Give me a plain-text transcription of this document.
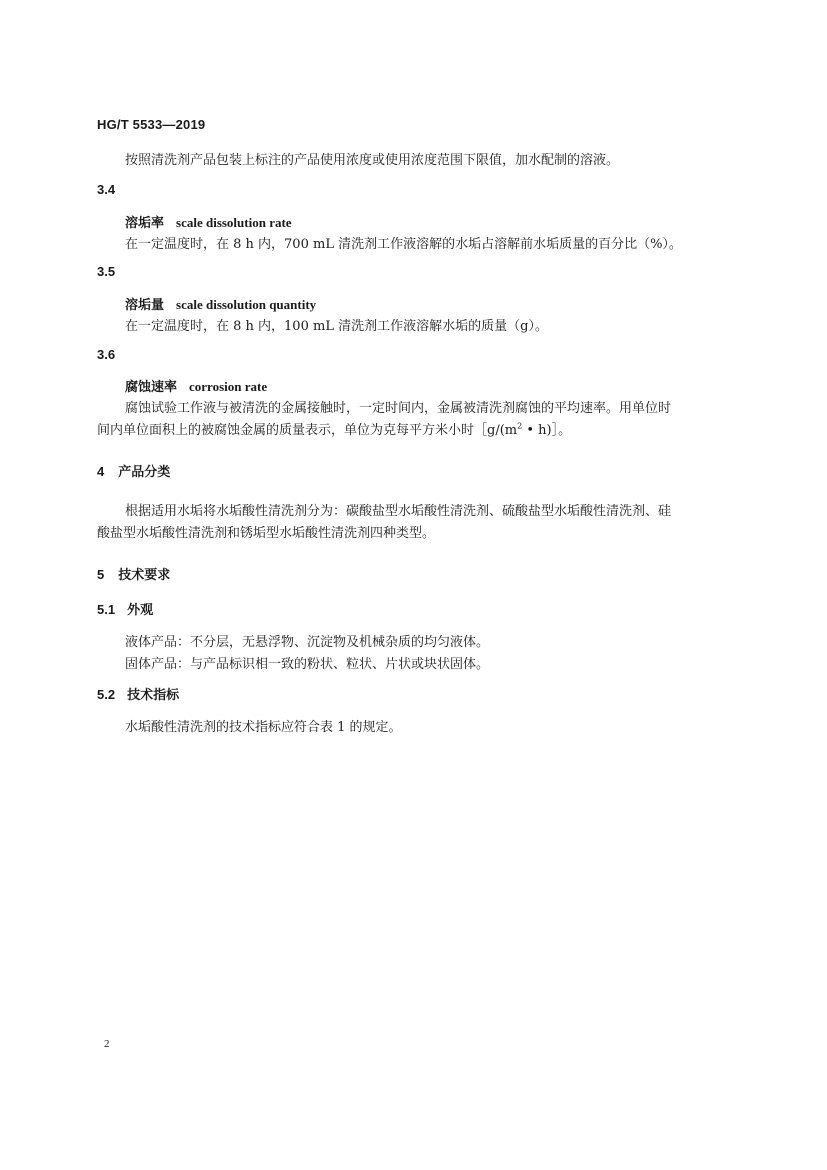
HG/T 5533—2019
按照清洗剂产品包装上标注的产品使用浓度或使用浓度范围下限值，加水配制的溶液。
3.4
溶垢率 scale dissolution rate
在一定温度时，在 8 h 内，700 mL 清洗剂工作液溶解的水垢占溶解前水垢质量的百分比（%）。
3.5
溶垢量 scale dissolution quantity
在一定温度时，在 8 h 内，100 mL 清洗剂工作液溶解水垢的质量（g）。
3.6
腐蚀速率 corrosion rate
腐蚀试验工作液与被清洗的金属接触时，一定时间内，金属被清洗剂腐蚀的平均速率。用单位时
间内单位面积上的被腐蚀金属的质量表示，单位为克每平方米小时$[g/(m^2$ • h)］。
4 产品分类
根据适用水垢将水垢酸性清洗剂分为：碳酸盐型水垢酸性清洗剂、硫酸盐型水垢酸性清洗剂、硅
酸盐型水垢酸性清洗剂和锈垢型水垢酸性清洗剂四种类型。
5 技术要求
5.1 外观
液体产品：不分层，无悬浮物、沉淀物及机械杂质的均匀液体。
固体产品：与产品标识相一致的粉状、粒状、片状或块状固体。
5.2 技术指标
水垢酸性清洗剂的技术指标应符合表 1 的规定。
2
